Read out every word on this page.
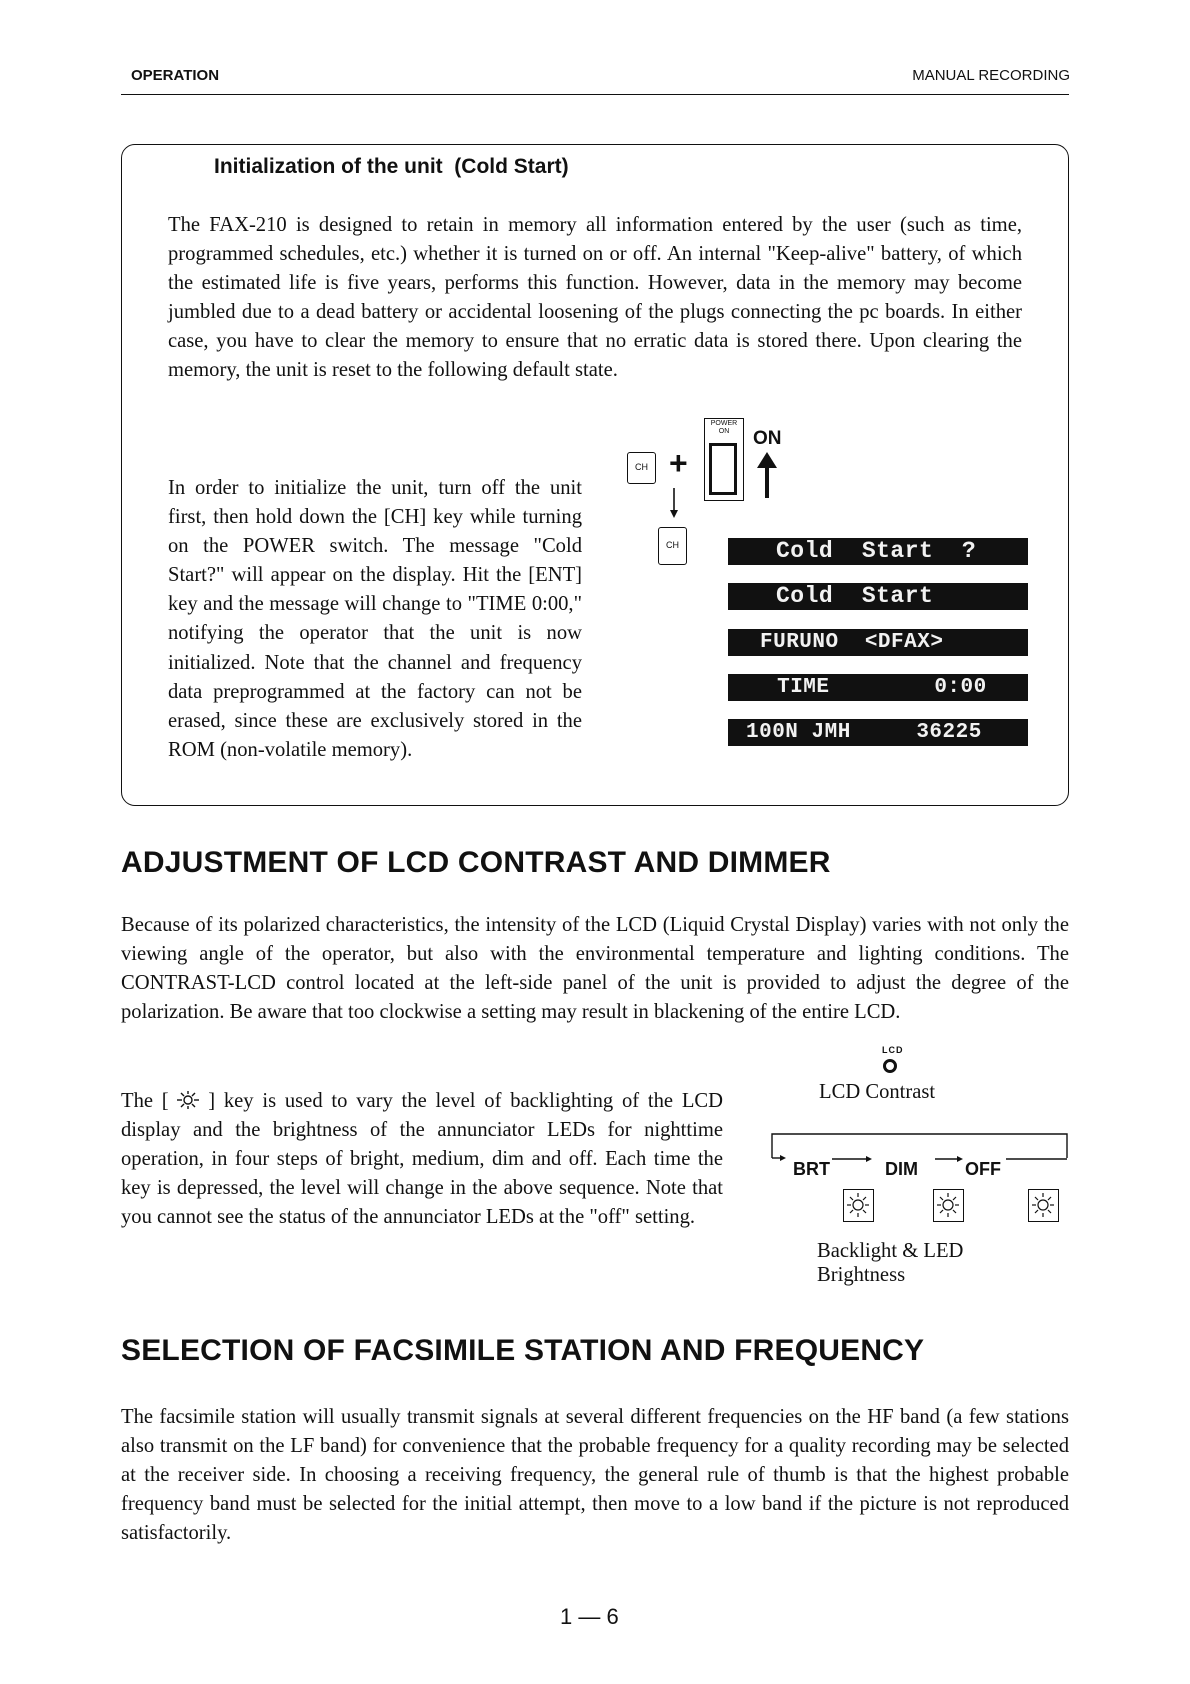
OPERATION	MANUAL RECORDING
Initialization of the unit  (Cold Start)
The FAX-210 is designed to retain in memory all information entered by the user (such as time, programmed schedules, etc.) whether it is turned on or off. An internal "Keep-alive" battery, of which the estimated life is five years, performs this function. However, data in the memory may become jumbled due to a dead battery or accidental loosening of the plugs connecting the pc boards. In either case, you have to clear the memory to ensure that no erratic data is stored there. Upon clearing the memory, the unit is reset to the following default state.
In order to initialize the unit, turn off the unit first, then hold down the [CH] key while turning on the POWER switch. The message "Cold Start?" will appear on the display. Hit the [ENT] key and the message will change to "TIME 0:00," notifying the operator that the unit is now initialized. Note that the channel and frequency data preprogrammed at the factory can not be erased, since these are exclusively stored in the ROM (non-volatile memory).
CH +
POWER
ON	ON
CH	Cold  Start  ?
Cold  Start
FURUNO  <DFAX>
TIME        0:00
100N JMH     36225
ADJUSTMENT OF LCD CONTRAST AND DIMMER
Because of its polarized characteristics, the intensity of the LCD (Liquid Crystal Display) varies with not only the viewing angle of the operator, but also with the environmental temperature and lighting conditions. The CONTRAST-LCD control located at the left-side panel of the unit is provided to adjust the degree of the polarization. Be aware that too clockwise a setting may result in blackening of the entire LCD.
The [  ] key is used to vary the level of backlighting of the LCD display and the brightness of the annunciator LEDs for nighttime operation, in four steps of bright, medium, dim and off. Each time the key is depressed, the level will change in the above sequence. Note that you cannot see the status of the annunciator LEDs at the "off" setting.
LCD
LCD Contrast
BRT	DIM	OFF
Backlight & LED
Brightness
SELECTION OF FACSIMILE STATION AND FREQUENCY
The facsimile station will usually transmit signals at several different frequencies on the HF band (a few stations also transmit on the LF band) for convenience that the probable frequency for a quality recording may be selected at the receiver side. In choosing a receiving frequency, the general rule of thumb is that the highest probable frequency band must be selected for the initial attempt, then move to a low band if the picture is not reproduced satisfactorily.
1 — 6
